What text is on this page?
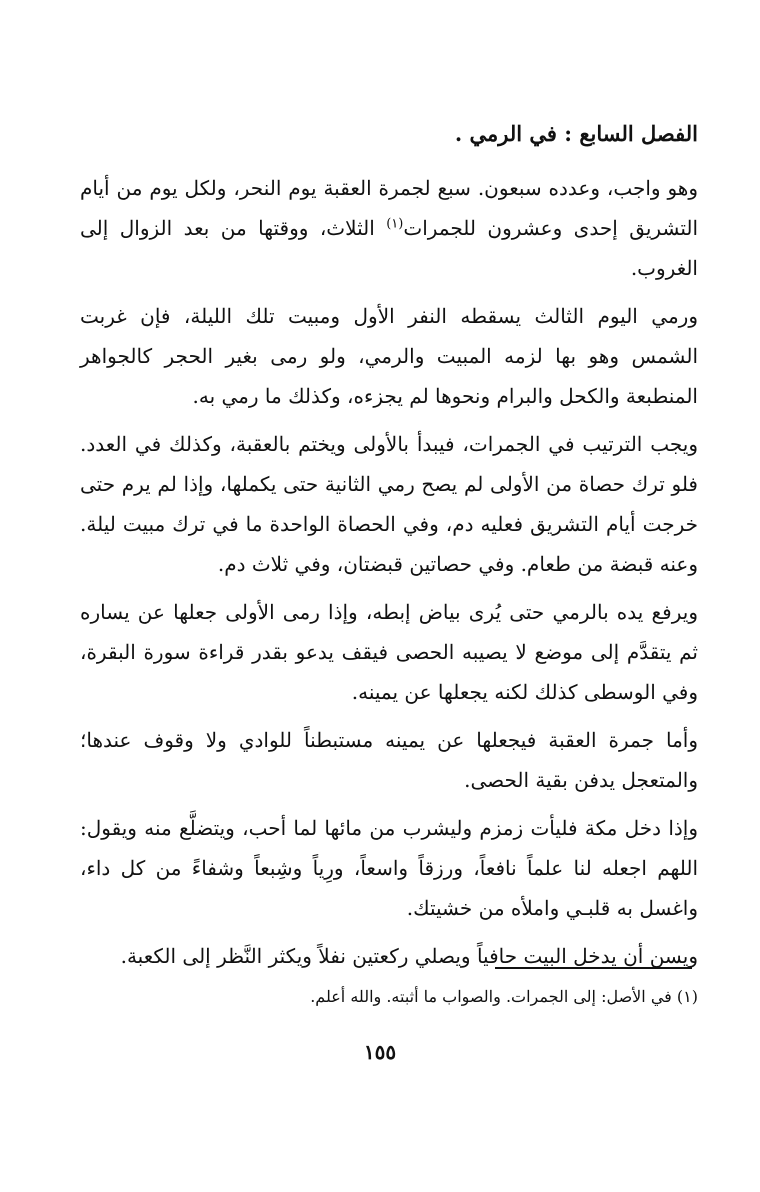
الفصل السابع : في الرمي .

وهو واجب، وعدده سبعون. سبع لجمرة العقبة يوم النحر، ولكل يوم من أيام التشريق إحدى وعشرون للجمرات$^{(١)}$ الثلاث، ووقتها من بعد الزوال إلى الغروب.

ورمي اليوم الثالث يسقطه النفر الأول ومبيت تلك الليلة، فإن غربت الشمس وهو بها لزمه المبيت والرمي، ولو رمى بغير الحجر كالجواهر المنطبعة والكحل والبرام ونحوها لم يجزءه، وكذلك ما رمي به.

ويجب الترتيب في الجمرات، فيبدأ بالأولى ويختم بالعقبة، وكذلك في العدد. فلو ترك حصاة من الأولى لم يصح رمي الثانية حتى يكملها، وإذا لم يرم حتى خرجت أيام التشريق فعليه دم، وفي الحصاة الواحدة ما في ترك مبيت ليلة. وعنه قبضة من طعام. وفي حصاتين قبضتان، وفي ثلاث دم.

ويرفع يده بالرمي حتى يُرى بياض إبطه، وإذا رمى الأولى جعلها عن يساره ثم يتقدَّم إلى موضع لا يصيبه الحصى فيقف يدعو بقدر قراءة سورة البقرة، وفي الوسطى كذلك لكنه يجعلها عن يمينه.

وأما جمرة العقبة فيجعلها عن يمينه مستبطناً للوادي ولا وقوف عندها؛ والمتعجل يدفن بقية الحصى.

وإذا دخل مكة فليأت زمزم وليشرب من مائها لما أحب، ويتضلَّع منه ويقول: اللهم اجعله لنا علماً نافعاً، ورزقاً واسعاً، ورِياً وشِبعاً وشفاءً من كل داء، واغسل به قلبـي واملأه من خشيتك.

ويسن أن يدخل البيت حافياً ويصلي ركعتين نفلاً ويكثر النَّظر إلى الكعبة.

(١) في الأصل: إلى الجمرات. والصواب ما أثبته. والله أعلم.
١٥٥
